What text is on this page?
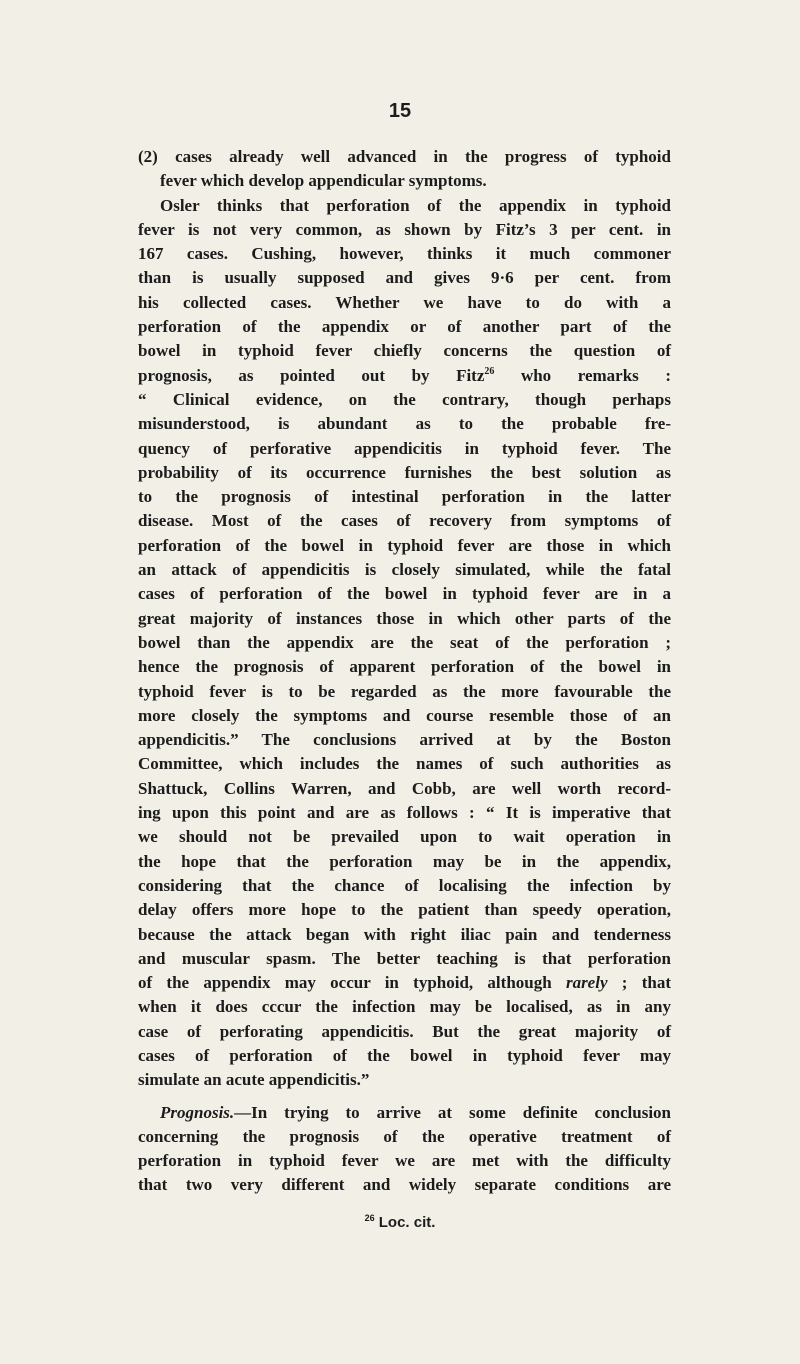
15

(2) cases already well advanced in the progress of typhoid
fever which develop appendicular symptoms.

Osler thinks that perforation of the appendix in typhoid
fever is not very common, as shown by Fitz’s 3 per cent. in
167 cases. Cushing, however, thinks it much commoner
than is usually supposed and gives 9·6 per cent. from
his collected cases. Whether we have to do with a
perforation of the appendix or of another part of the
bowel in typhoid fever chiefly concerns the question of
prognosis, as pointed out by Fitz$^{26}$ who remarks :
“ Clinical evidence, on the contrary, though perhaps
misunderstood, is abundant as to the probable fre-
quency of perforative appendicitis in typhoid fever. The
probability of its occurrence furnishes the best solution as
to the prognosis of intestinal perforation in the latter
disease. Most of the cases of recovery from symptoms of
perforation of the bowel in typhoid fever are those in which
an attack of appendicitis is closely simulated, while the fatal
cases of perforation of the bowel in typhoid fever are in a
great majority of instances those in which other parts of the
bowel than the appendix are the seat of the perforation ;
hence the prognosis of apparent perforation of the bowel in
typhoid fever is to be regarded as the more favourable the
more closely the symptoms and course resemble those of an
appendicitis.” The conclusions arrived at by the Boston
Committee, which includes the names of such authorities as
Shattuck, Collins Warren, and Cobb, are well worth record-
ing upon this point and are as follows : “ It is imperative that
we should not be prevailed upon to wait operation in
the hope that the perforation may be in the appendix,
considering that the chance of localising the infection by
delay offers more hope to the patient than speedy operation,
because the attack began with right iliac pain and tenderness
and muscular spasm. The better teaching is that perforation
of the appendix may occur in typhoid, although rarely ; that
when it does cccur the infection may be localised, as in any
case of perforating appendicitis. But the great majority of
cases of perforation of the bowel in typhoid fever may
simulate an acute appendicitis.”

Prognosis.—In trying to arrive at some definite conclusion
concerning the prognosis of the operative treatment of
perforation in typhoid fever we are met with the difficulty
that two very different and widely separate conditions are

$^{26}$ Loc. cit.
